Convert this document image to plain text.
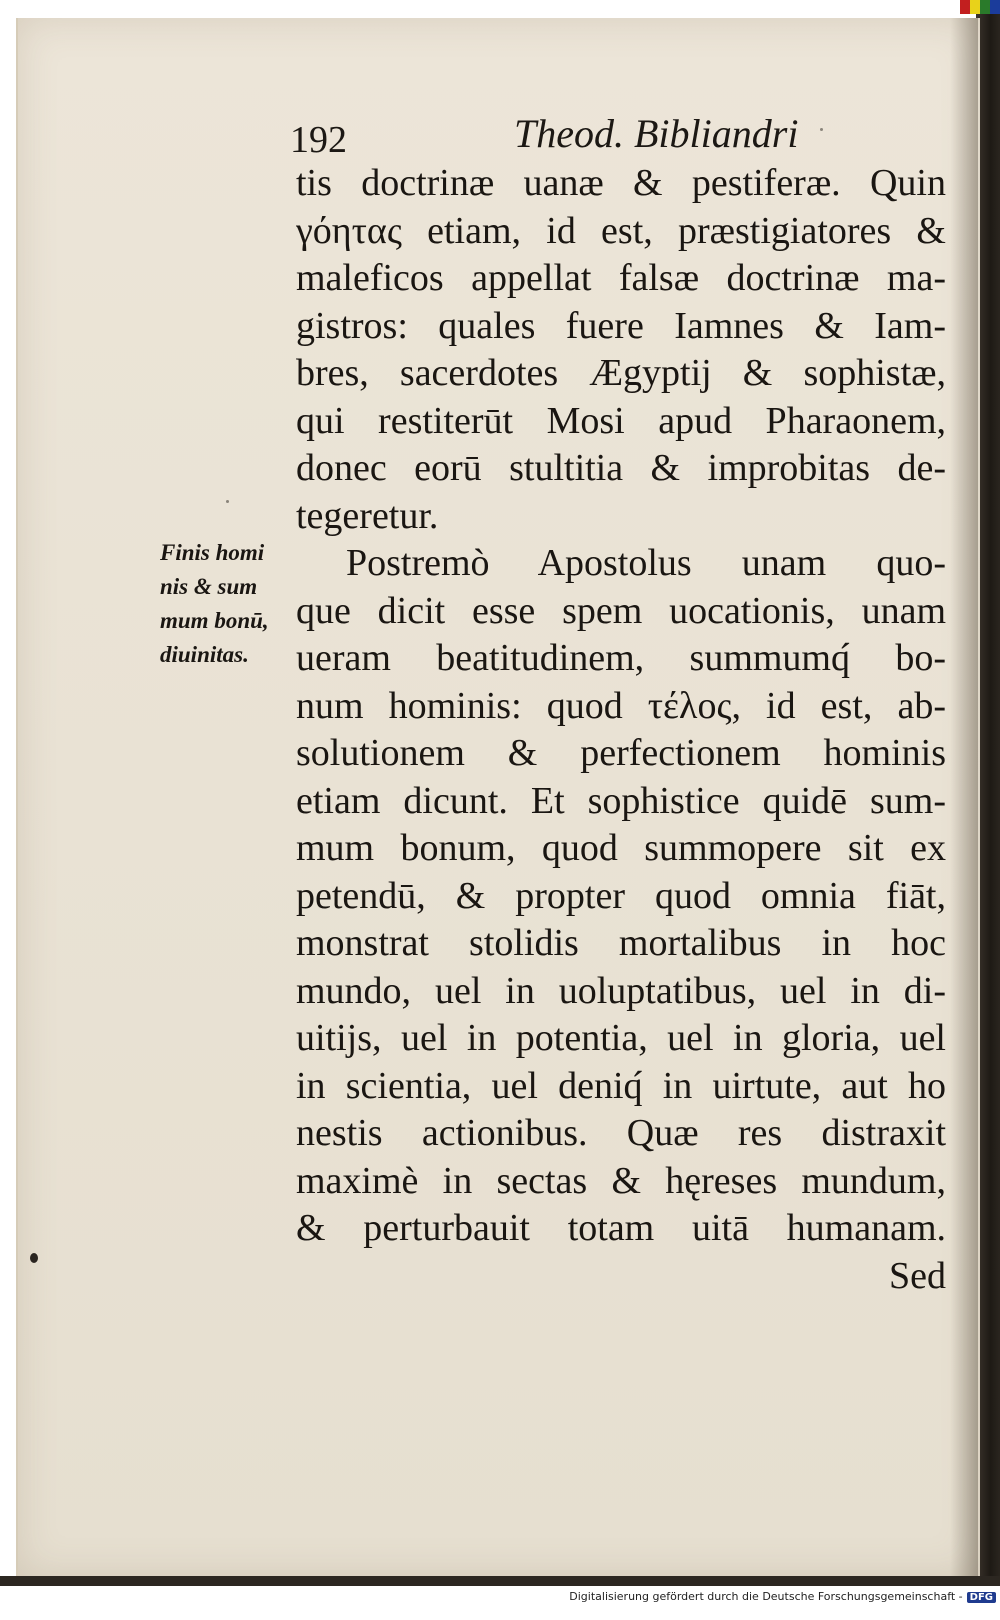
192	Theod. Bibliandri
Finis homi
nis & sum
mum bonū,
diuinitas.
tis doctrinæ uanæ & pestiferæ. Quin
γόητας etiam, id est, præstigiatores &
maleficos appellat falsæ doctrinæ ma-
gistros: quales fuere Iamnes & Iam-
bres, sacerdotes Ægyptij & sophistæ,
qui restiterūt Mosi apud Pharaonem,
donec eorū stultitia & improbitas de-
tegeretur.
Postremò Apostolus unam quo-
que dicit esse spem uocationis, unam
ueram beatitudinem, summumq́ bo-
num hominis: quod τέλος, id est, ab-
solutionem & perfectionem hominis
etiam dicunt. Et sophistice quidē sum-
mum bonum, quod summopere sit ex
petendū, & propter quod omnia fiāt,
monstrat stolidis mortalibus in hoc
mundo, uel in uoluptatibus, uel in di-
uitijs, uel in potentia, uel in gloria, uel
in scientia, uel deniq́ in uirtute, aut ho
nestis actionibus. Quæ res distraxit
maximè in sectas & hęreses mundum,
& perturbauit totam uitā humanam.
Sed
Digitalisierung gefördert durch die Deutsche Forschungsgemeinschaft - DFG
